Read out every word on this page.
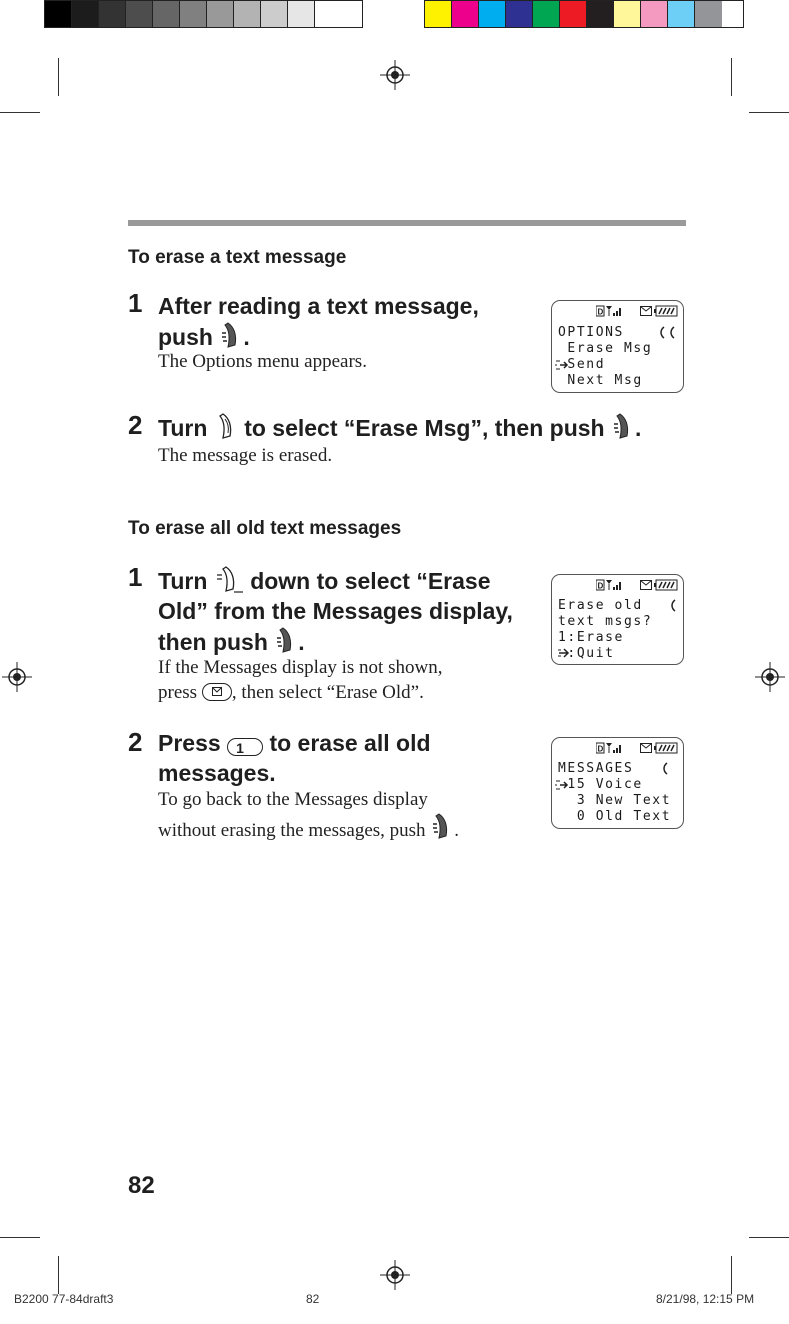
To erase a text message
1 After reading a text message,
push .
The Options menu appears.
D
OPTIONS
Erase Msg
Send
Next Msg
2 Turn to select “Erase Msg”, then push .
The message is erased.
To erase all old text messages
1 Turn down to select “Erase
Old” from the Messages display,
then push .
If the Messages display is not shown,
press , then select “Erase Old”.
D
Erase old
text msgs?
1:Erase
:Quit
2 Press 1 to erase all old
messages.
To go back to the Messages display
without erasing the messages, push .
D
MESSAGES
15 Voice
3 New Text
0 Old Text
82
B2200 77-84draft3	82	8/21/98, 12:15 PM
